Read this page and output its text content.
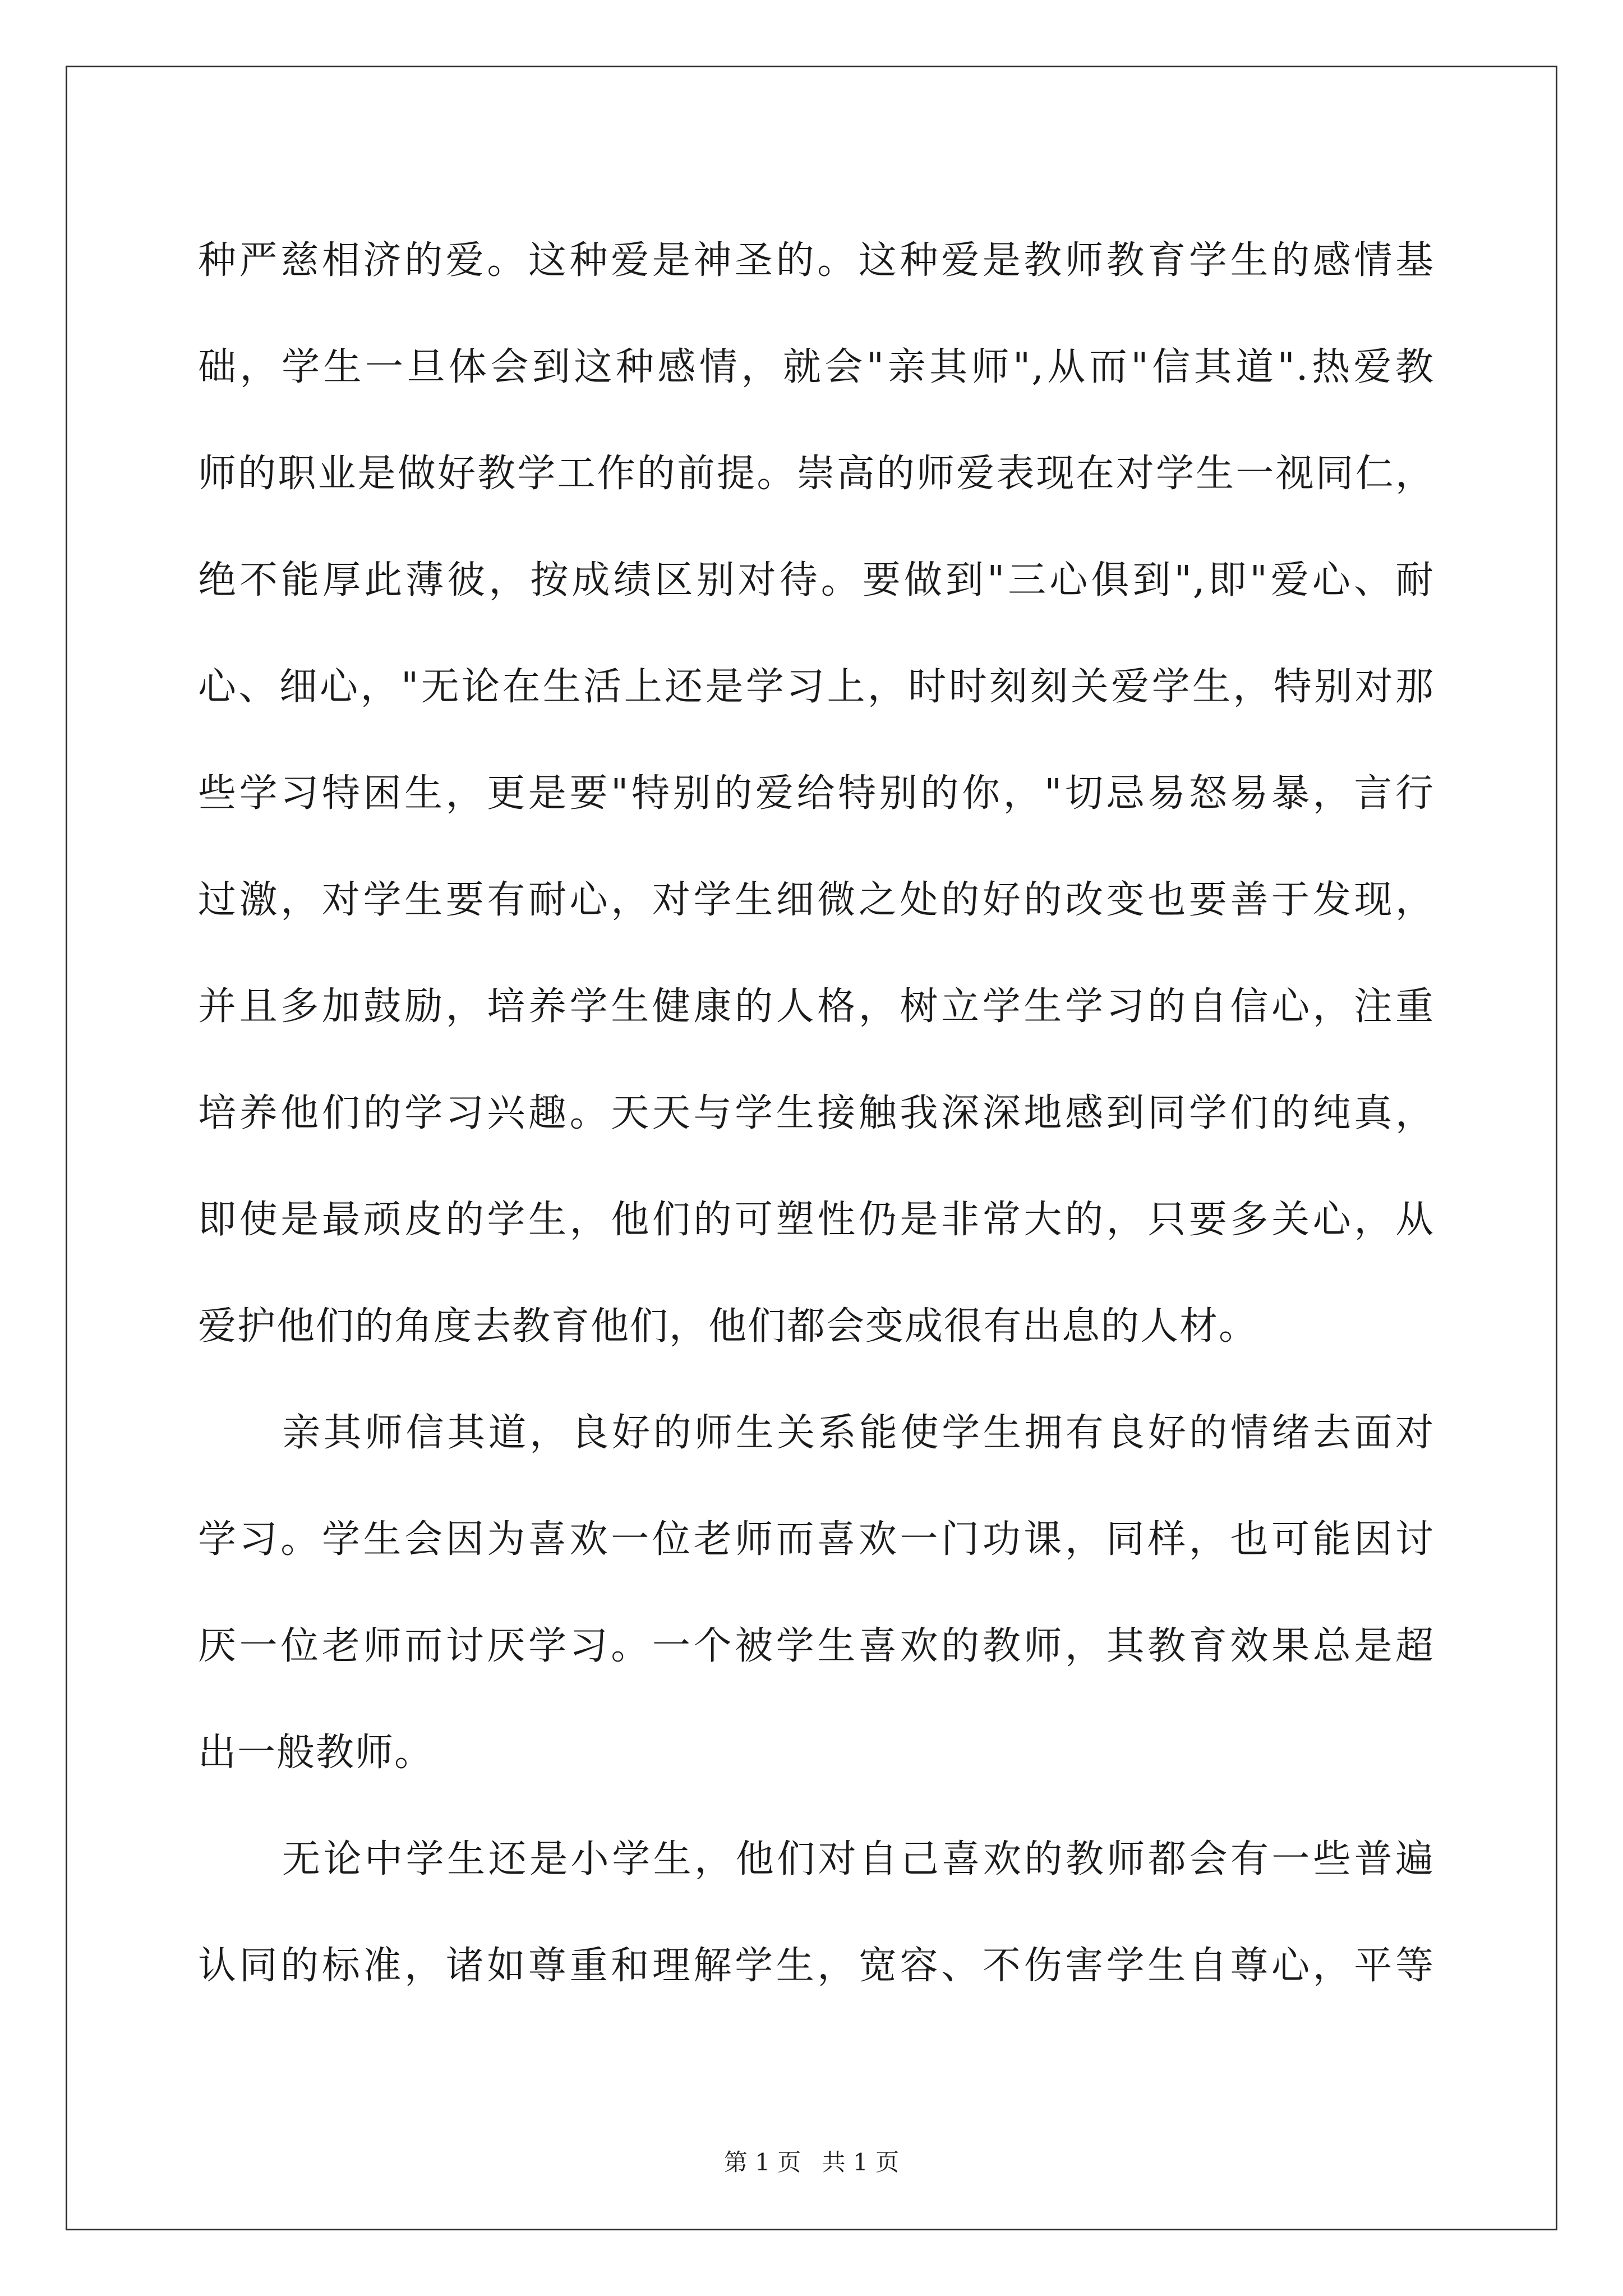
种严慈相济的爱。这种爱是神圣的。这种爱是教师教育学生的感情基
础，学生一旦体会到这种感情，就会"亲其师",从而"信其道".热爱教
师的职业是做好教学工作的前提。崇高的师爱表现在对学生一视同仁，
绝不能厚此薄彼，按成绩区别对待。要做到"三心俱到",即"爱心、耐
心、细心，"无论在生活上还是学习上，时时刻刻关爱学生，特别对那
些学习特困生，更是要"特别的爱给特别的你，"切忌易怒易暴，言行
过激，对学生要有耐心，对学生细微之处的好的改变也要善于发现，
并且多加鼓励，培养学生健康的人格，树立学生学习的自信心，注重
培养他们的学习兴趣。天天与学生接触我深深地感到同学们的纯真，
即使是最顽皮的学生，他们的可塑性仍是非常大的，只要多关心，从
爱护他们的角度去教育他们，他们都会变成很有出息的人材。
亲其师信其道，良好的师生关系能使学生拥有良好的情绪去面对
学习。学生会因为喜欢一位老师而喜欢一门功课，同样，也可能因讨
厌一位老师而讨厌学习。一个被学生喜欢的教师，其教育效果总是超
出一般教师。
无论中学生还是小学生，他们对自己喜欢的教师都会有一些普遍
认同的标准，诸如尊重和理解学生，宽容、不伤害学生自尊心，平等
第 1 页 共 1 页
